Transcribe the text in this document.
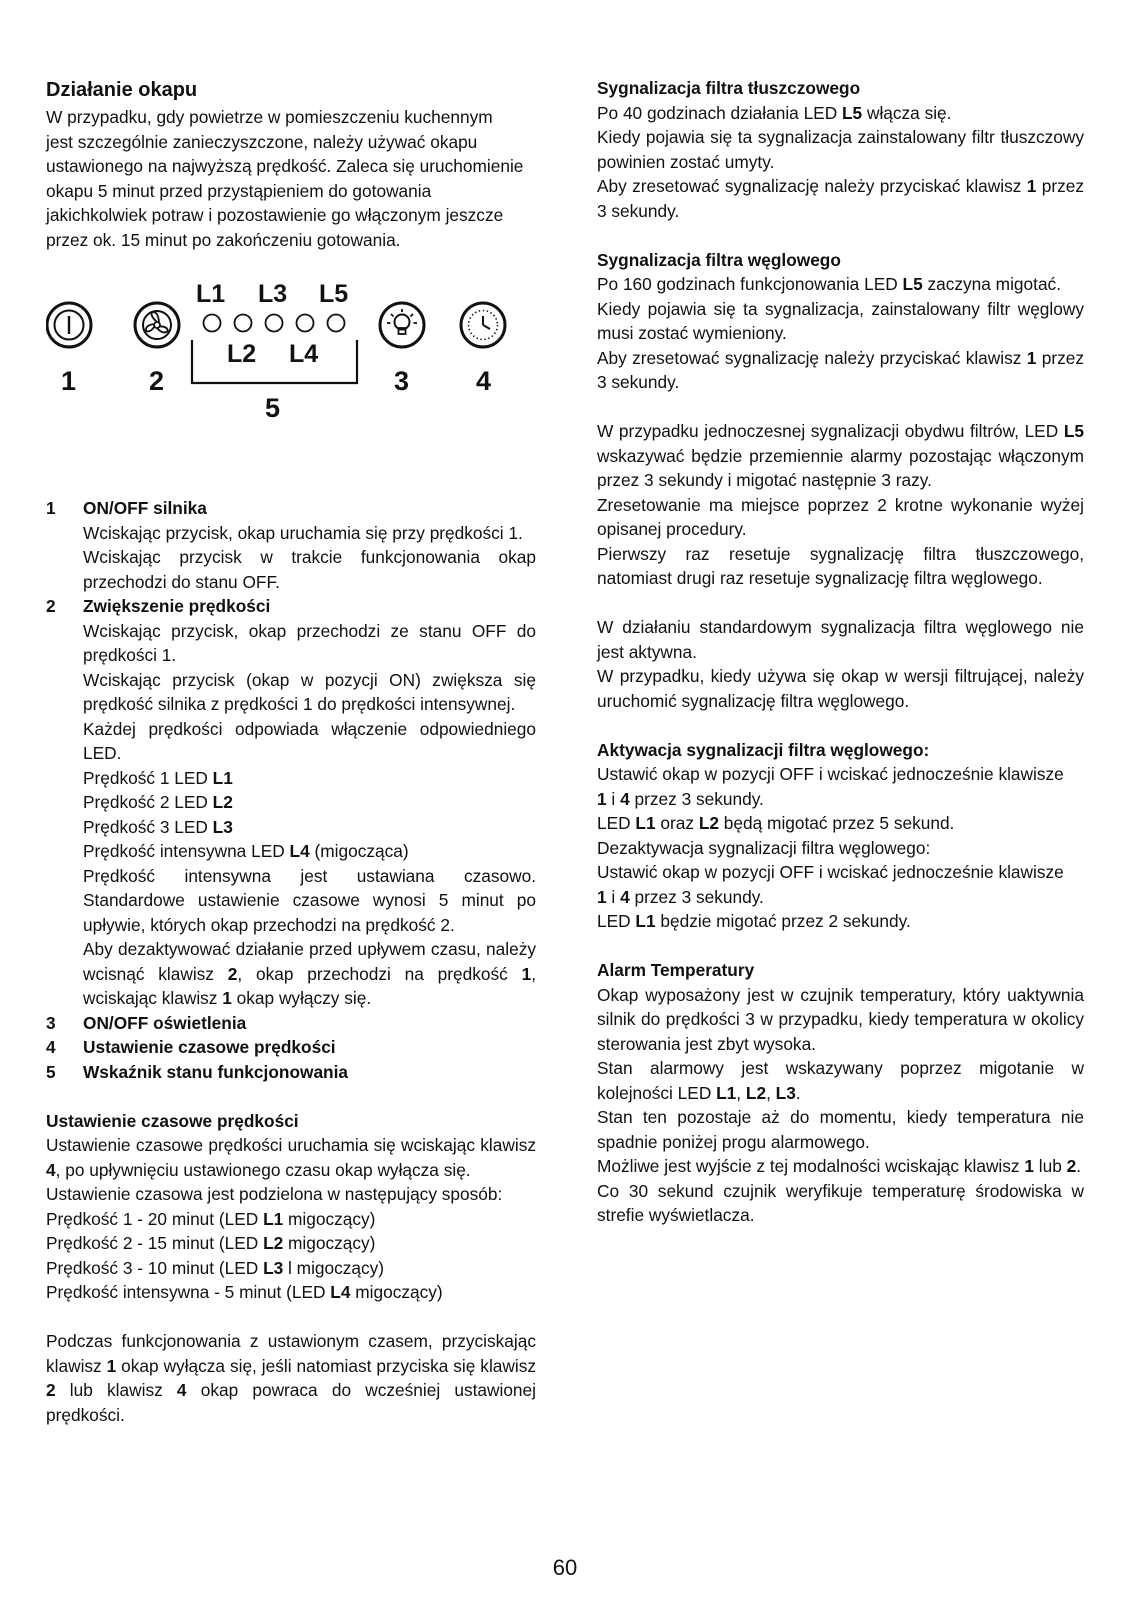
Działanie okapu

W przypadku, gdy powietrze w pomieszczeniu kuchennym

jest szczególnie zanieczyszczone, należy używać okapu

ustawionego na najwyższą prędkość. Zaleca się uruchomienie

okapu 5 minut przed przystąpieniem do gotowania

jakichkolwiek potraw i pozostawienie go włączonym jeszcze

przez ok. 15 minut po zakończeniu gotowania.

L1 L3 L5
L2 L4
1	2	3 4
5
1	ON/OFF silnika

Wciskając przycisk, okap uruchamia się przy prędkości 1.

Wciskając przycisk w trakcie funkcjonowania okap przechodzi do stanu OFF.

2	Zwiększenie prędkości

Wciskając przycisk, okap przechodzi ze stanu OFF do prędkości 1.

Wciskając przycisk (okap w pozycji ON) zwiększa się prędkość silnika z prędkości 1 do prędkości intensywnej.

Każdej prędkości odpowiada włączenie odpowiedniego LED.

Prędkość 1 LED L1

Prędkość 2 LED L2

Prędkość 3 LED L3

Prędkość intensywna LED L4 (migocząca)

Prędkość intensywna jest ustawiana czasowo. Standardowe ustawienie czasowe wynosi 5 minut po upływie, których okap przechodzi na prędkość 2.

Aby dezaktywować działanie przed upływem czasu, należy wcisnąć klawisz 2, okap przechodzi na prędkość 1, wciskając klawisz 1 okap wyłączy się.

3	ON/OFF oświetlenia
4	Ustawienie czasowe prędkości
5	Wskaźnik stanu funkcjonowania
Ustawienie czasowe prędkości

Ustawienie czasowe prędkości uruchamia się wciskając klawisz 4, po upływnięciu ustawionego czasu okap wyłącza się.

Ustawienie czasowa jest podzielona w następujący sposób:

Prędkość 1 - 20 minut (LED L1 migoczący)

Prędkość 2 - 15 minut (LED L2 migoczący)

Prędkość 3 - 10 minut (LED L3 l migoczący)

Prędkość intensywna - 5 minut (LED L4 migoczący)

Podczas funkcjonowania z ustawionym czasem, przyciskając klawisz 1 okap wyłącza się, jeśli natomiast przyciska się klawisz 2 lub klawisz 4 okap powraca do wcześniej ustawionej prędkości.

Sygnalizacja filtra tłuszczowego

Po 40 godzinach działania LED L5 włącza się.

Kiedy pojawia się ta sygnalizacja zainstalowany filtr tłuszczowy powinien zostać umyty.

Aby zresetować sygnalizację należy przyciskać klawisz 1 przez 3 sekundy.

Sygnalizacja filtra węglowego

Po 160 godzinach funkcjonowania LED L5 zaczyna migotać.

Kiedy pojawia się ta sygnalizacja, zainstalowany filtr węglowy musi zostać wymieniony.

Aby zresetować sygnalizację należy przyciskać klawisz 1 przez 3 sekundy.

W przypadku jednoczesnej sygnalizacji obydwu filtrów, LED L5 wskazywać będzie przemiennie alarmy pozostając włączonym przez 3 sekundy i migotać następnie 3 razy.

Zresetowanie ma miejsce poprzez 2 krotne wykonanie wyżej opisanej procedury.

Pierwszy raz resetuje sygnalizację filtra tłuszczowego, natomiast drugi raz resetuje sygnalizację filtra węglowego.

W działaniu standardowym sygnalizacja filtra węglowego nie jest aktywna.

W przypadku, kiedy używa się okap w wersji filtrującej, należy uruchomić sygnalizację filtra węglowego.

Aktywacja sygnalizacji filtra węglowego:

Ustawić okap w pozycji OFF i wciskać jednocześnie klawisze

1 i 4 przez 3 sekundy.

LED L1 oraz L2 będą migotać przez 5 sekund.

Dezaktywacja sygnalizacji filtra węglowego:

Ustawić okap w pozycji OFF i wciskać jednocześnie klawisze

1 i 4 przez 3 sekundy.

LED L1 będzie migotać przez 2 sekundy.

Alarm Temperatury

Okap wyposażony jest w czujnik temperatury, który uaktywnia silnik do prędkości 3 w przypadku, kiedy temperatura w okolicy sterowania jest zbyt wysoka.

Stan alarmowy jest wskazywany poprzez migotanie w kolejności LED L1, L2, L3.

Stan ten pozostaje aż do momentu, kiedy temperatura nie spadnie poniżej progu alarmowego.

Możliwe jest wyjście z tej modalności wciskając klawisz 1 lub 2.

Co 30 sekund czujnik weryfikuje temperaturę środowiska w strefie wyświetlacza.

60
